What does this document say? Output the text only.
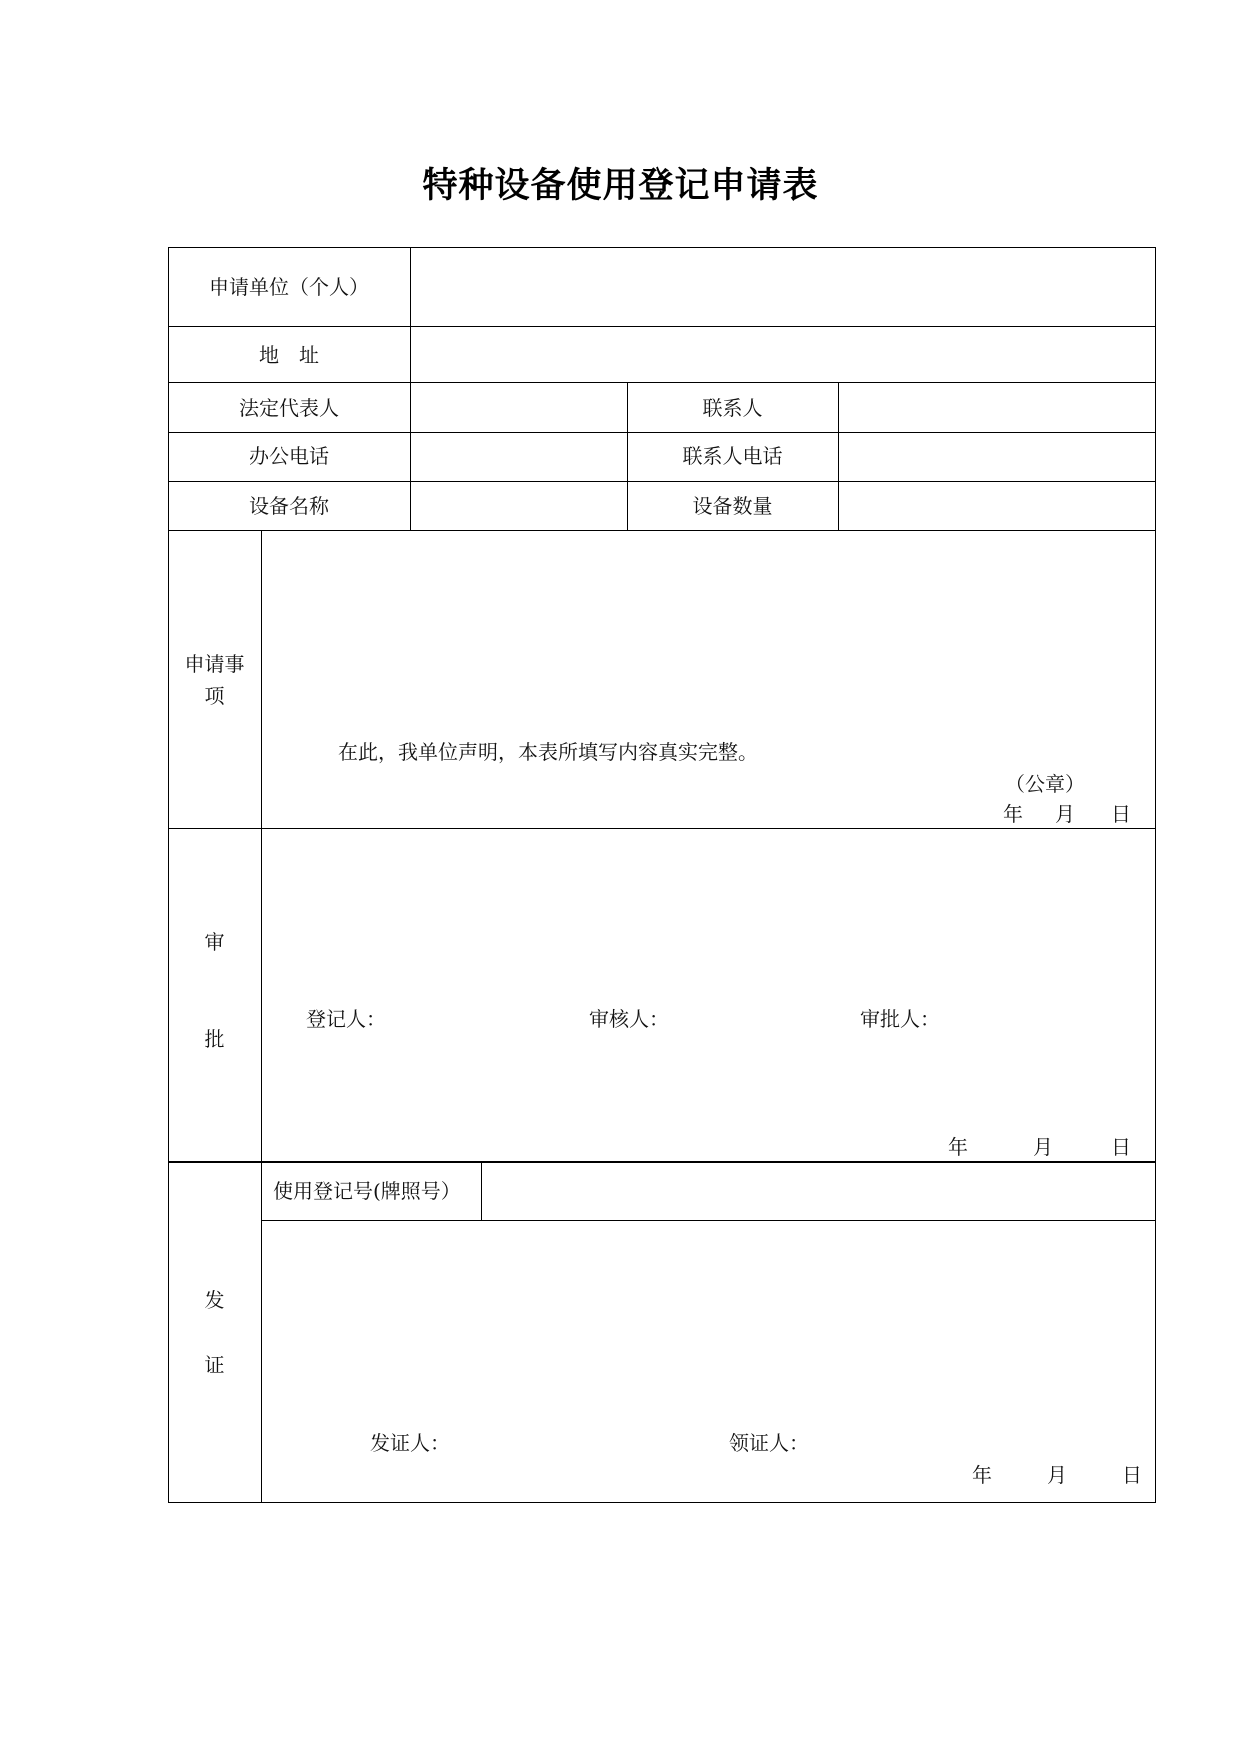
特种设备使用登记申请表
申请单位（个人）
地　址
法定代表人	联系人
办公电话	联系人电话
设备名称	设备数量
申请事
项
在此，我单位声明，本表所填写内容真实完整。
（公章）
年 月 日
审
批
登记人：	审核人：	审批人：
年	月	日
发
证
使用登记号(牌照号）
发证人：	领证人：
年	月	日
